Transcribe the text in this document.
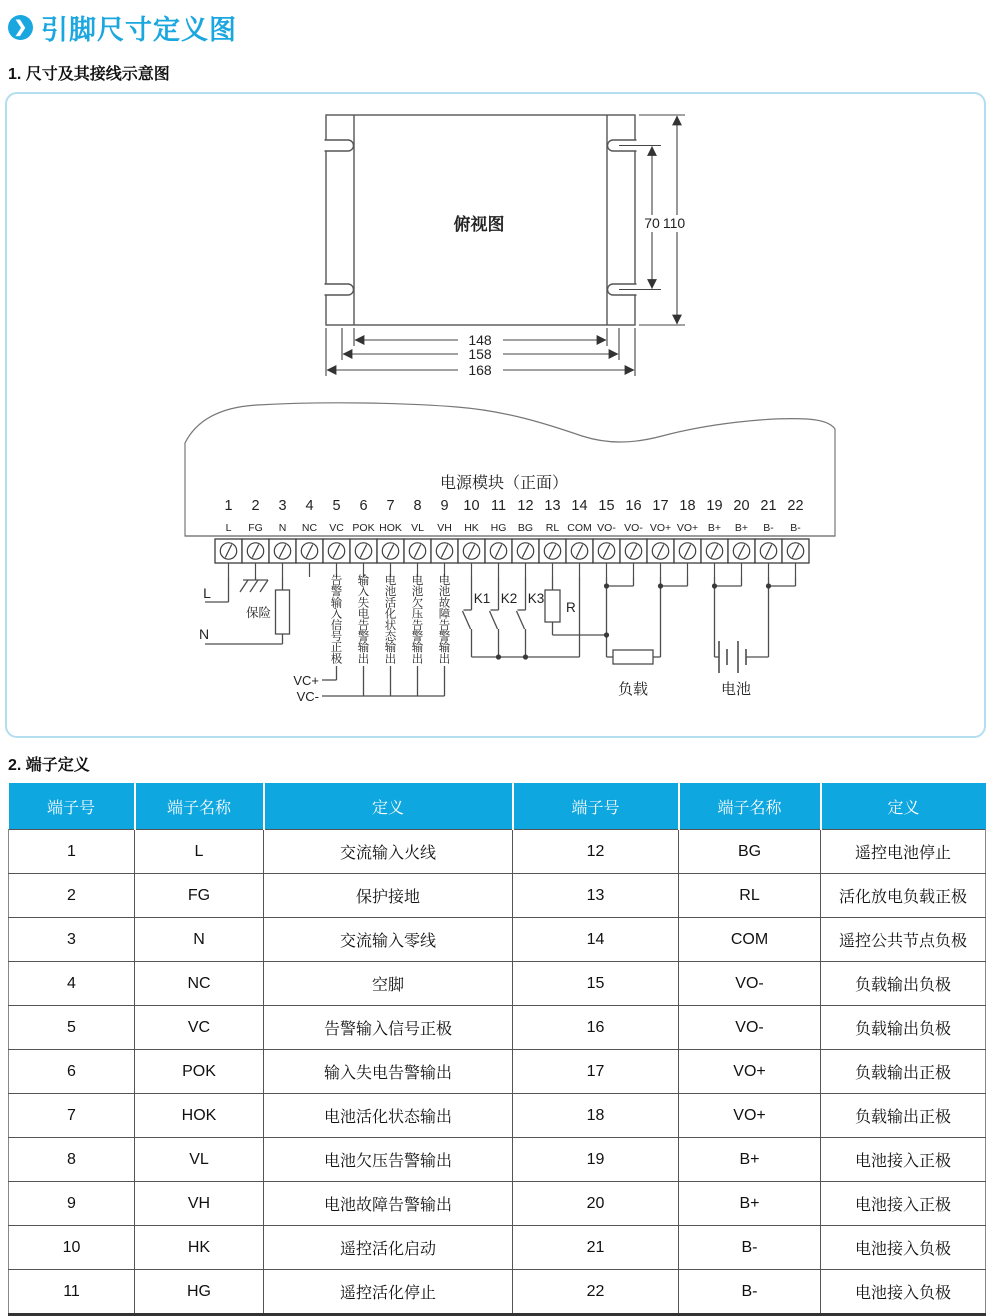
❯ 引脚尺寸定义图
1. 尺寸及其接线示意图
俯视图	70 110
148
158
168
电源模块（正面）
1
L
2
FG
3
N
4
NC
5
VC
6
POK
7
HOK
8
VL
9
VH
10
HK
11
HG
12
BG
13
RL
14
COM
15
VO-
16
VO-
17
VO+
18
VO+
19
B+
20
B+
21
B-
22
B-
L
N
保险
告警输入信号正极
输入失电告警输出
电池活化状态输出
电池欠压告警输出
电池故障告警输出
VC+
VC-
K1 K2 K3
R
负载	电池
2. 端子定义
端子号	端子名称	定义	端子号	端子名称	定义
1	L	交流输入火线	12	BG	遥控电池停止
2	FG	保护接地	13	RL	活化放电负载正极
3	N	交流输入零线	14	COM	遥控公共节点负极
4	NC	空脚	15	VO-	负载输出负极
5	VC	告警输入信号正极	16	VO-	负载输出负极
6	POK	输入失电告警输出	17	VO+	负载输出正极
7	HOK	电池活化状态输出	18	VO+	负载输出正极
8	VL	电池欠压告警输出	19	B+	电池接入正极
9	VH	电池故障告警输出	20	B+	电池接入正极
10	HK	遥控活化启动	21	B-	电池接入负极
11	HG	遥控活化停止	22	B-	电池接入负极
